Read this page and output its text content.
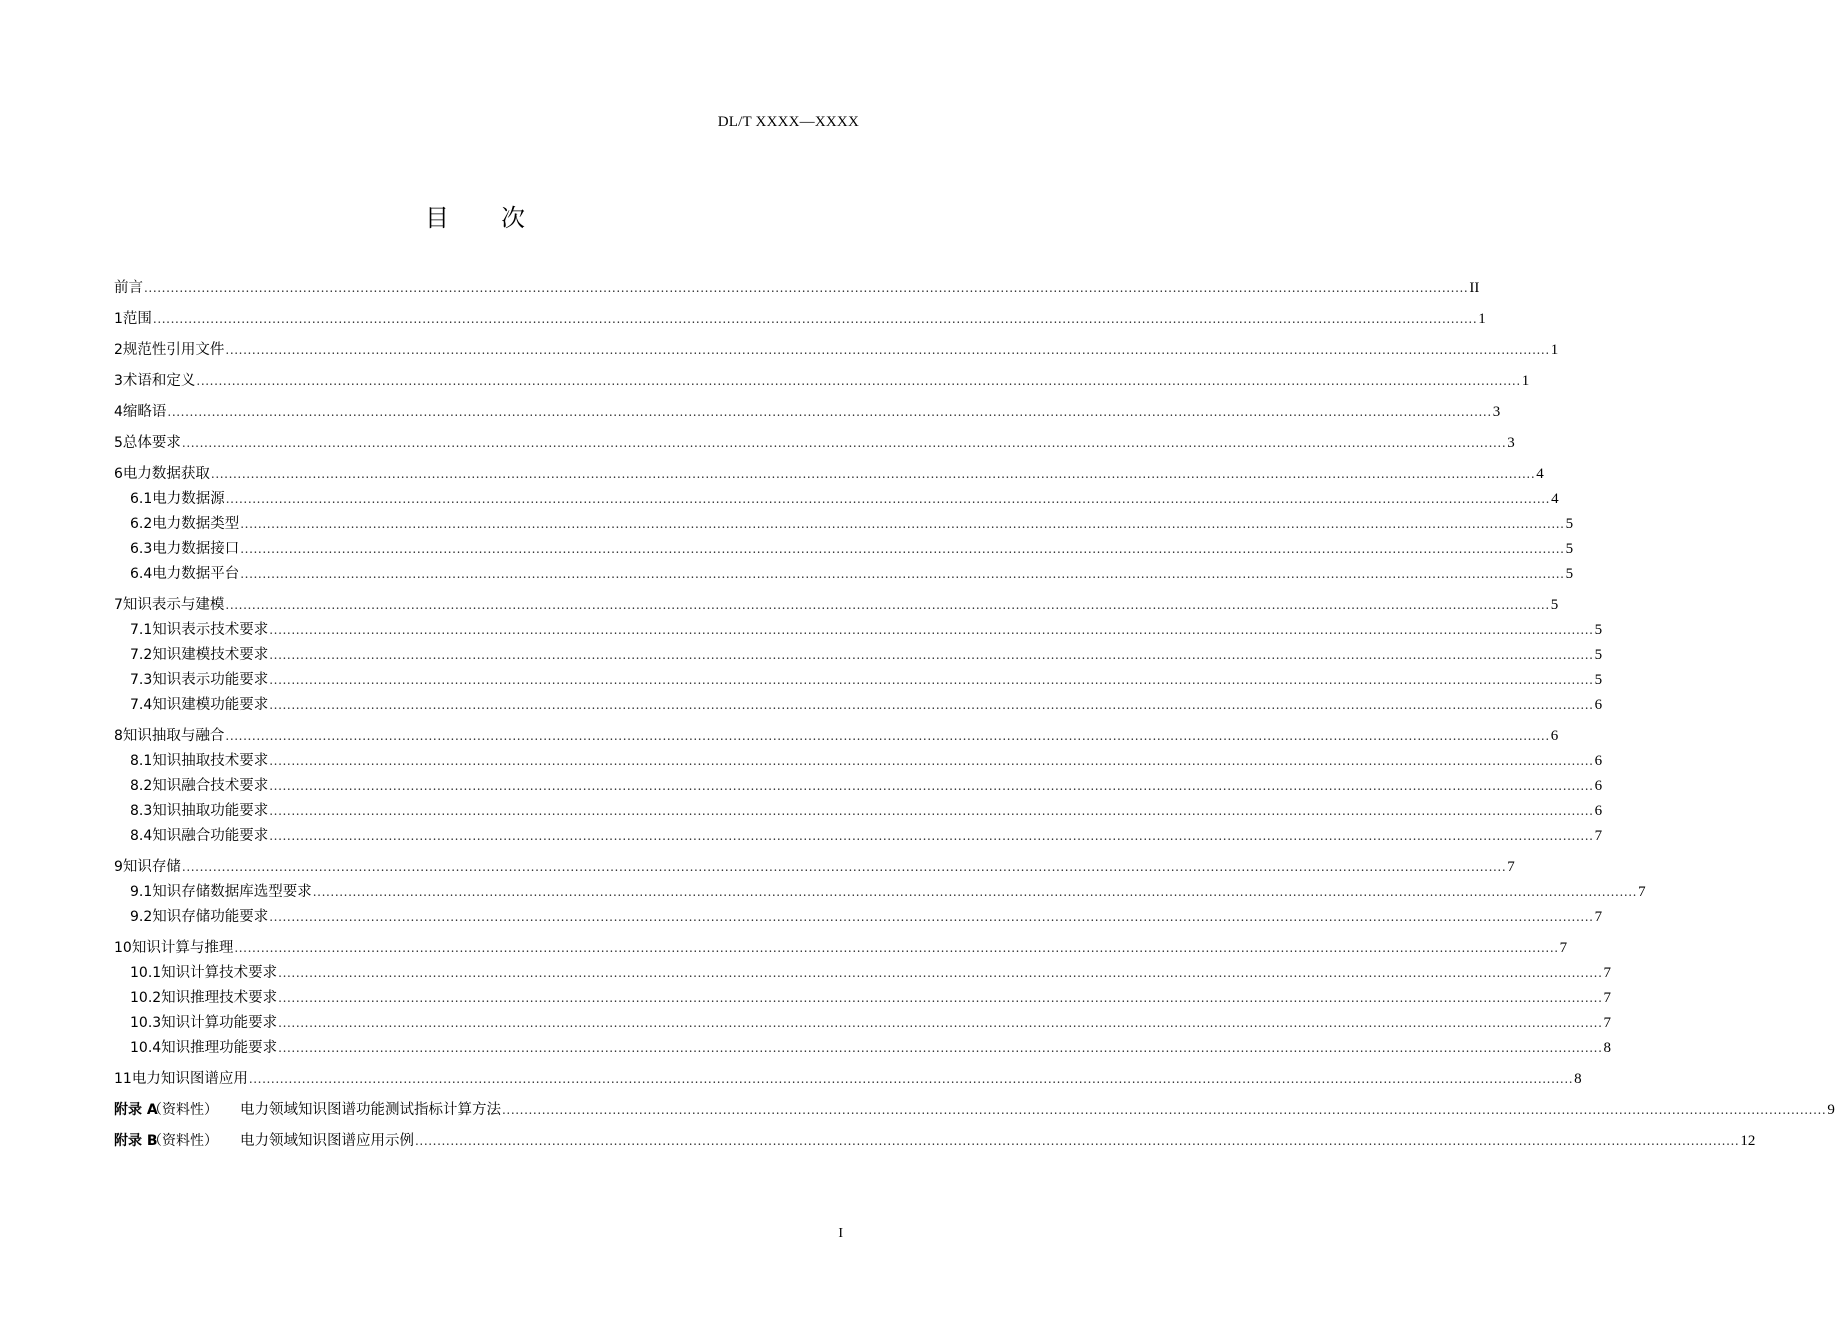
DL/T XXXX—XXXX
目 次
前言 ............................................................................................................................................................................................................................................................................................................ II
1 范围 ............................................................................................................................................................................................................................................................................................................ 1
2 规范性引用文件 ............................................................................................................................................................................................................................................................................................................ 1
3 术语和定义 ............................................................................................................................................................................................................................................................................................................ 1
4 缩略语 ............................................................................................................................................................................................................................................................................................................ 3
5 总体要求 ............................................................................................................................................................................................................................................................................................................ 3
6 电力数据获取 ............................................................................................................................................................................................................................................................................................................ 4
6.1 电力数据源 ............................................................................................................................................................................................................................................................................................................ 4
6.2 电力数据类型 ............................................................................................................................................................................................................................................................................................................ 5
6.3 电力数据接口 ............................................................................................................................................................................................................................................................................................................ 5
6.4 电力数据平台 ............................................................................................................................................................................................................................................................................................................ 5
7 知识表示与建模 ............................................................................................................................................................................................................................................................................................................ 5
7.1 知识表示技术要求 ............................................................................................................................................................................................................................................................................................................ 5
7.2 知识建模技术要求 ............................................................................................................................................................................................................................................................................................................ 5
7.3 知识表示功能要求 ............................................................................................................................................................................................................................................................................................................ 5
7.4 知识建模功能要求 ............................................................................................................................................................................................................................................................................................................ 6
8 知识抽取与融合 ............................................................................................................................................................................................................................................................................................................ 6
8.1 知识抽取技术要求 ............................................................................................................................................................................................................................................................................................................ 6
8.2 知识融合技术要求 ............................................................................................................................................................................................................................................................................................................ 6
8.3 知识抽取功能要求 ............................................................................................................................................................................................................................................................................................................ 6
8.4 知识融合功能要求 ............................................................................................................................................................................................................................................................................................................ 7
9 知识存储 ............................................................................................................................................................................................................................................................................................................ 7
9.1 知识存储数据库选型要求 ............................................................................................................................................................................................................................................................................................................ 7
9.2 知识存储功能要求 ............................................................................................................................................................................................................................................................................................................ 7
10 知识计算与推理 ............................................................................................................................................................................................................................................................................................................ 7
10.1 知识计算技术要求 ............................................................................................................................................................................................................................................................................................................ 7
10.2 知识推理技术要求 ............................................................................................................................................................................................................................................................................................................ 7
10.3 知识计算功能要求 ............................................................................................................................................................................................................................................................................................................ 7
10.4 知识推理功能要求 ............................................................................................................................................................................................................................................................................................................ 8
11 电力知识图谱应用 ............................................................................................................................................................................................................................................................................................................ 8
附录 A
（资料性） 电力领域知识图谱功能测试指标计算方法 ............................................................................................................................................................................................................................................................................................................ 9
附录 B
（资料性） 电力领域知识图谱应用示例 ............................................................................................................................................................................................................................................................................................................ 12
I
